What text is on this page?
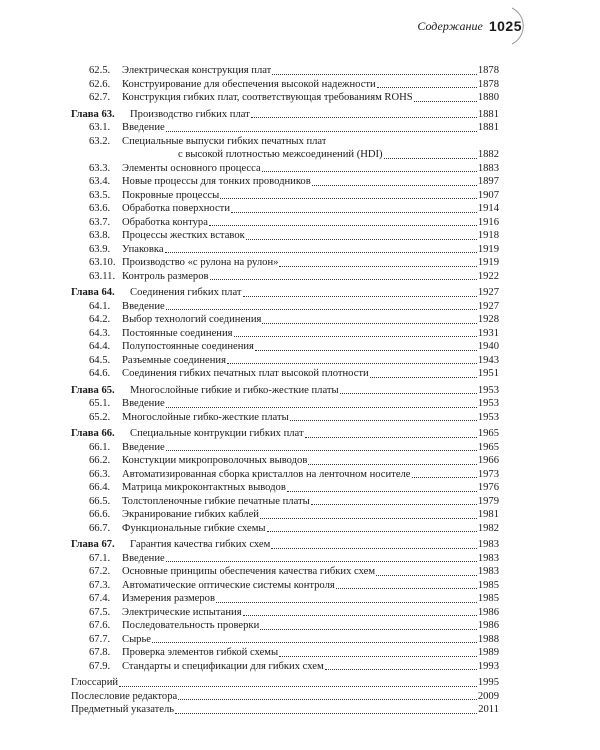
Содержание 1025
62.5.	Электрическая конструкция плат	1878
62.6.	Конструирование для обеспечения высокой надежности	1878
62.7.	Конструкция гибких плат, соответствующая требованиям ROHS	1880
Глава 63.	Производство гибких плат	1881
63.1.	Введение	1881
63.2.	Специальные выпуски гибких печатных плат
с высокой плотностью межсоединений (HDI)	1882
63.3.	Элементы основного процесса	1883
63.4.	Новые процессы для тонких проводников	1897
63.5.	Покровные процессы	1907
63.6.	Обработка поверхности	1914
63.7.	Обработка контура	1916
63.8.	Процессы жестких вставок	1918
63.9.	Упаковка	1919
63.10. Производство «с рулона на рулон»	1919
63.11. Контроль размеров	1922
Глава 64.	Соединения гибких плат	1927
64.1.	Введение	1927
64.2.	Выбор технологий соединения	1928
64.3.	Постоянные соединения	1931
64.4.	Полупостоянные соединения	1940
64.5.	Разъемные соединения	1943
64.6.	Соединения гибких печатных плат высокой плотности	1951
Глава 65.	Многослойные гибкие и гибко-жесткие платы	1953
65.1.	Введение	1953
65.2.	Многослойные гибко-жесткие платы	1953
Глава 66.	Специальные контрукции гибких плат	1965
66.1.	Введение	1965
66.2.	Констукции микропроволочных выводов	1966
66.3.	Автоматизированная сборка кристаллов на ленточном носителе	1973
66.4.	Матрица микроконтактных выводов	1976
66.5.	Толстопленочные гибкие печатные платы	1979
66.6.	Экранирование гибких каблей	1981
66.7.	Функциональные гибкие схемы	1982
Глава 67.	Гарантия качества гибких схем	1983
67.1.	Введение	1983
67.2.	Основные принципы обеспечения качества гибких схем	1983
67.3.	Автоматические оптические системы контроля	1985
67.4.	Измерения размеров	1985
67.5.	Электрические испытания	1986
67.6.	Последовательность проверки	1986
67.7.	Сырье	1988
67.8.	Проверка элементов гибкой схемы	1989
67.9.	Стандарты и спецификации для гибких схем	1993
Глоссарий	1995
Послесловие редактора	2009
Предметный указатель	2011
